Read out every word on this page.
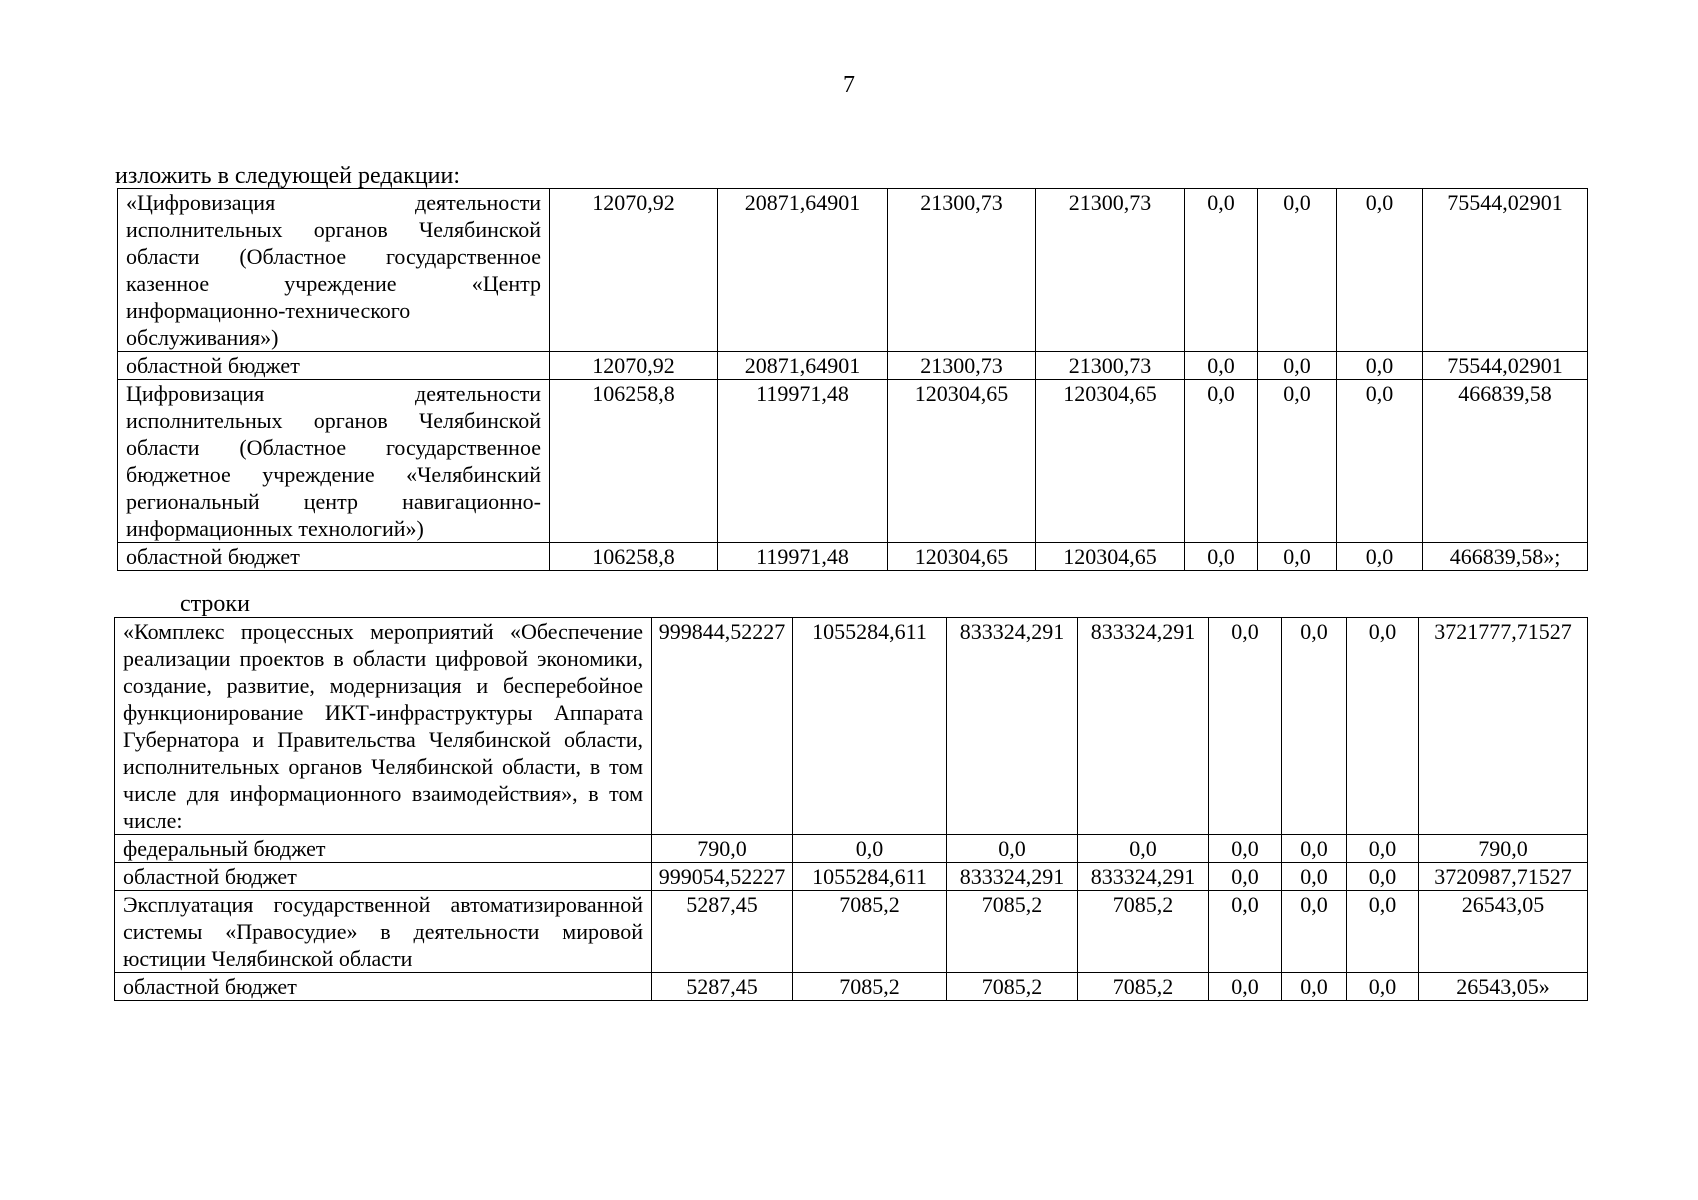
7
изложить в следующей редакции:
«Цифровизация деятельности исполнительных органов Челябинской области (Областное государственное казенное учреждение «Центр информационно-технического обслуживания»)	12070,92	20871,64901	21300,73	21300,73	0,0	0,0	0,0	75544,02901
областной бюджет	12070,92	20871,64901	21300,73	21300,73	0,0	0,0	0,0	75544,02901
Цифровизация деятельности исполнительных органов Челябинской области (Областное государственное бюджетное учреждение «Челябинский региональный центр навигационно-информационных технологий»)	106258,8	119971,48	120304,65	120304,65	0,0	0,0	0,0	466839,58
областной бюджет	106258,8	119971,48	120304,65	120304,65	0,0	0,0	0,0	466839,58»;
строки
«Комплекс процессных мероприятий «Обеспечение реализации проектов в области цифровой экономики, создание, развитие, модернизация и бесперебойное функционирование ИКТ-инфраструктуры Аппарата Губернатора и Правительства Челябинской области, исполнительных органов Челябинской области, в том числе для информационного взаимодействия», в том числе:	999844,52227	1055284,611	833324,291	833324,291	0,0	0,0	0,0	3721777,71527
федеральный бюджет	790,0	0,0	0,0	0,0	0,0	0,0	0,0	790,0
областной бюджет	999054,52227	1055284,611	833324,291	833324,291	0,0	0,0	0,0	3720987,71527
Эксплуатация государственной автоматизированной системы «Правосудие» в деятельности мировой юстиции Челябинской области	5287,45	7085,2	7085,2	7085,2	0,0	0,0	0,0	26543,05
областной бюджет	5287,45	7085,2	7085,2	7085,2	0,0	0,0	0,0	26543,05»
